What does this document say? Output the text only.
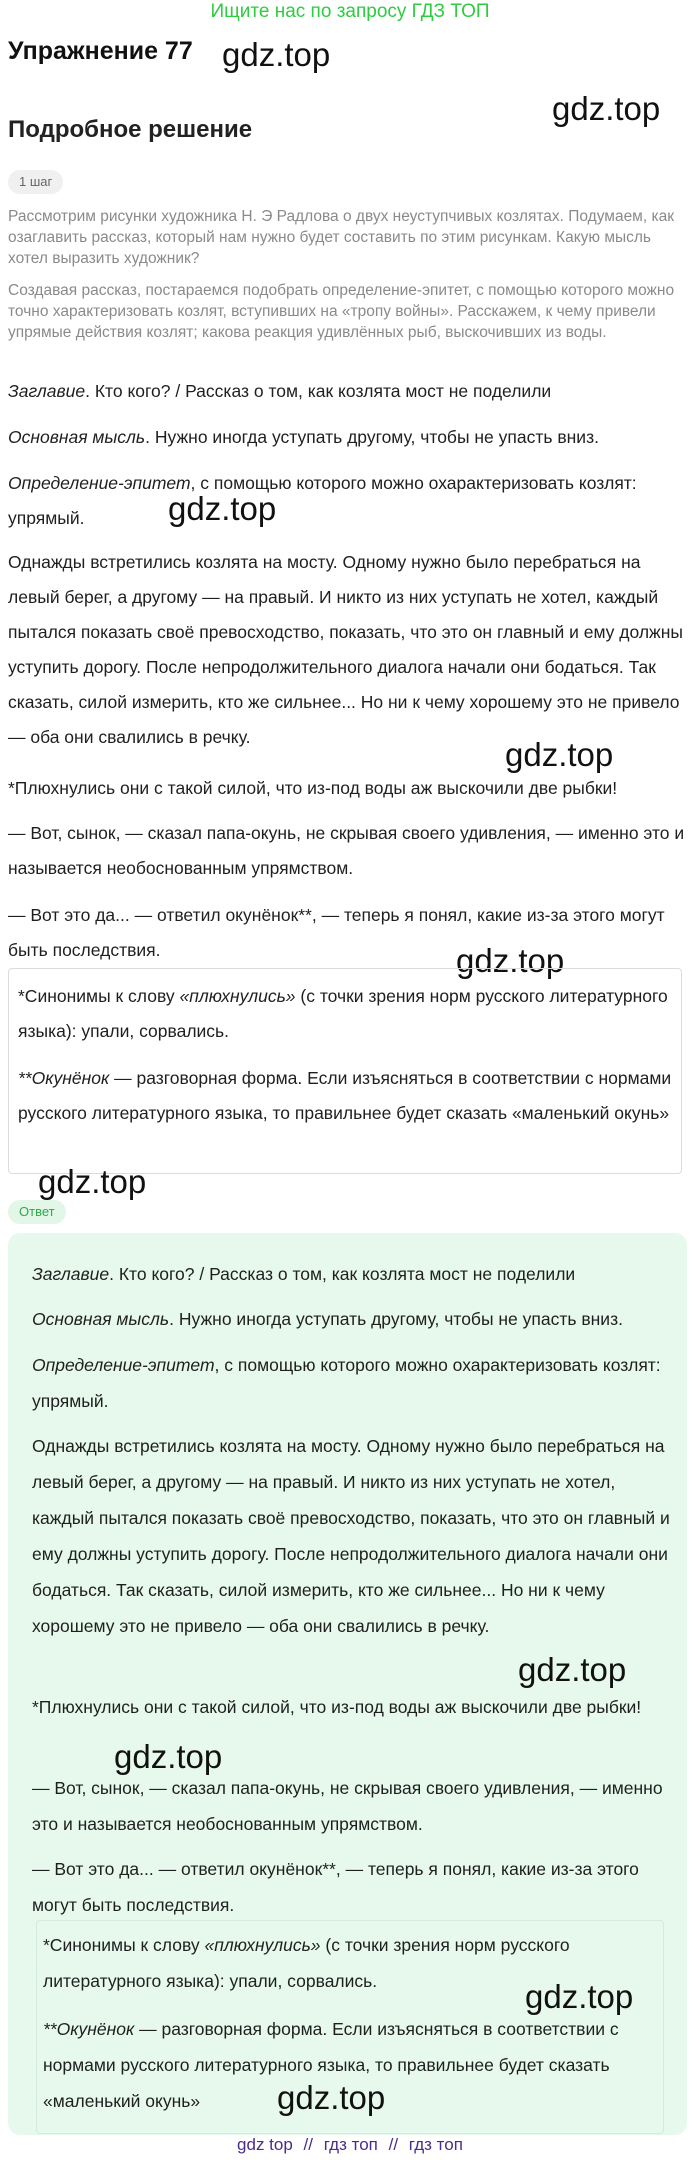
Ищите нас по запросу ГДЗ ТОП
Упражнение 77 gdz.top
gdz.top
Подробное решение
1 шаг
Рассмотрим рисунки художника Н. Э Радлова о двух неуступчивых козлятах. Подумаем, как озаглавить рассказ, который нам нужно будет составить по этим рисункам. Какую мысль хотел выразить художник?
Создавая рассказ, постараемся подобрать определение-эпитет, с помощью которого можно точно характеризовать козлят, вступивших на «тропу войны». Расскажем, к чему привели упрямые действия козлят; какова реакция удивлённых рыб, выскочивших из воды.
Заглавие. Кто кого? / Рассказ о том, как козлята мост не поделили
Основная мысль. Нужно иногда уступать другому, чтобы не упасть вниз.
Определение-эпитет, с помощью которого можно охарактеризовать козлят: упрямый.	gdz.top
Однажды встретились козлята на мосту. Одному нужно было перебраться на левый берег, а другому — на правый. И никто из них уступать не хотел, каждый пытался показать своё превосходство, показать, что это он главный и ему должны уступить дорогу. После непродолжительного диалога начали они бодаться. Так сказать, силой измерить, кто же сильнее... Но ни к чему хорошему это не привело — оба они свалились в речку.	gdz.top
*Плюхнулись они с такой силой, что из-под воды аж выскочили две рыбки!
— Вот, сынок, — сказал папа-окунь, не скрывая своего удивления, — именно это и называется необоснованным упрямством.
— Вот это да... — ответил окунёнок**, — теперь я понял, какие из-за этого могут быть последствия.	gdz.top
*Синонимы к слову «плюхнулись» (с точки зрения норм русского литературного языка): упали, сорвались.
**Окунёнок — разговорная форма. Если изъясняться в соответствии с нормами русского литературного языка, то правильнее будет сказать «маленький окунь»
gdz.top
Ответ
Заглавие. Кто кого? / Рассказ о том, как козлята мост не поделили
Основная мысль. Нужно иногда уступать другому, чтобы не упасть вниз.
Определение-эпитет, с помощью которого можно охарактеризовать козлят: упрямый.
Однажды встретились козлята на мосту. Одному нужно было перебраться на левый берег, а другому — на правый. И никто из них уступать не хотел, каждый пытался показать своё превосходство, показать, что это он главный и ему должны уступить дорогу. После непродолжительного диалога начали они бодаться. Так сказать, силой измерить, кто же сильнее... Но ни к чему хорошему это не привело — оба они свалились в речку.
gdz.top
*Плюхнулись они с такой силой, что из-под воды аж выскочили две рыбки!
gdz.top
— Вот, сынок, — сказал папа-окунь, не скрывая своего удивления, — именно это и называется необоснованным упрямством.
— Вот это да... — ответил окунёнок**, — теперь я понял, какие из-за этого могут быть последствия.
*Синонимы к слову «плюхнулись» (с точки зрения норм русского литературного языка): упали, сорвались.
**Окунёнок — разговорная форма. Если изъясняться в соответствии с нормами русского литературного языка, то правильнее будет сказать «маленький окунь»
gdz.top
gdz.top
gdz top // гдз топ // гдз топ
